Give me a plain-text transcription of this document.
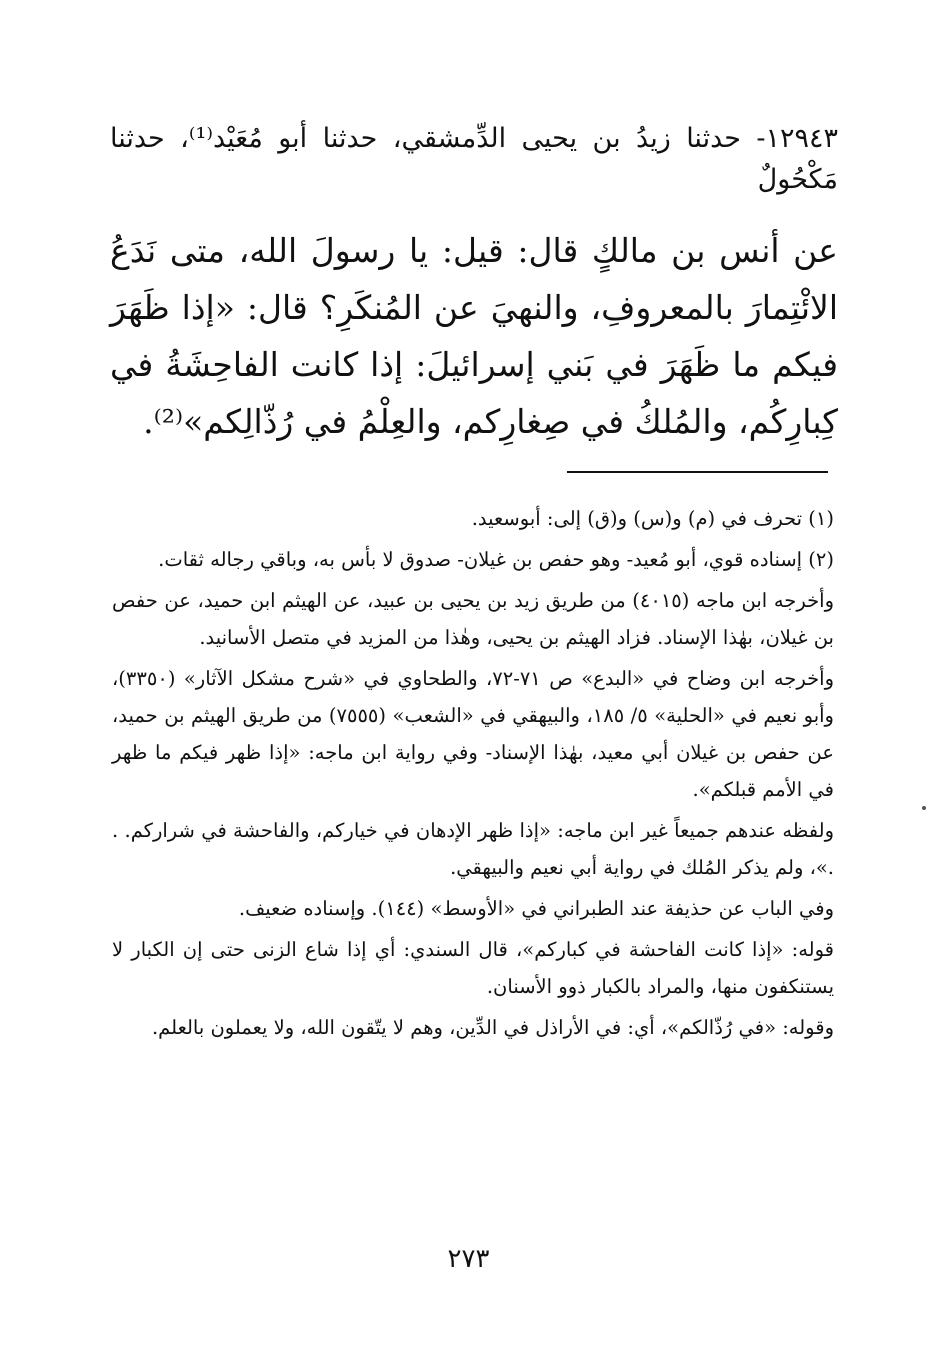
١٢٩٤٣- حدثنا زيدُ بن يحيى الدِّمشقي، حدثنا أبو مُعَيْد⁽¹⁾، حدثنا مَكْحُولٌ
عن أنس بن مالكٍ قال: قيل: يا رسولَ الله، متى نَدَعُ الائْتِمارَ بالمعروفِ، والنهيَ عن المُنكَرِ؟ قال: «إذا ظَهَرَ فيكم ما ظَهَرَ في بَني إسرائيلَ: إذا كانت الفاحِشَةُ في كِبارِكُم، والمُلكُ في صِغارِكم، والعِلْمُ في رُذّالِكم»⁽²⁾.

(١) تحرف في (م) و(س) و(ق) إلى: أبوسعيد.

(٢) إسناده قوي، أبو مُعيد- وهو حفص بن غيلان- صدوق لا بأس به، وباقي رجاله ثقات.

وأخرجه ابن ماجه (٤٠١٥) من طريق زيد بن يحيى بن عبيد، عن الهيثم ابن حميد، عن حفص بن غيلان، بهٰذا الإسناد. فزاد الهيثم بن يحيى، وهٰذا من المزيد في متصل الأسانيد.

وأخرجه ابن وضاح في «البدع» ص ٧١-٧٢، والطحاوي في «شرح مشكل الآثار» (٣٣٥٠)، وأبو نعيم في «الحلية» ٥/ ١٨٥، والبيهقي في «الشعب» (٧٥٥٥) من طريق الهيثم بن حميد، عن حفص بن غيلان أبي معيد، بهٰذا الإسناد- وفي رواية ابن ماجه: «إذا ظهر فيكم ما ظهر في الأمم قبلكم».

ولفظه عندهم جميعاً غير ابن ماجه: «إذا ظهر الإدهان في خياركم، والفاحشة في شراركم. . .»، ولم يذكر المُلك في رواية أبي نعيم والبيهقي.

وفي الباب عن حذيفة عند الطبراني في «الأوسط» (١٤٤). وإسناده ضعيف.

قوله: «إذا كانت الفاحشة في كبارکم»، قال السندي: أي إذا شاع الزنى حتى إن الكبار لا يستنكفون منها، والمراد بالكبار ذوو الأسنان.

وقوله: «في رُذّالكم»، أي: في الأراذل في الدِّين، وهم لا يتّقون الله، ولا يعملون بالعلم.

٢٧٣
